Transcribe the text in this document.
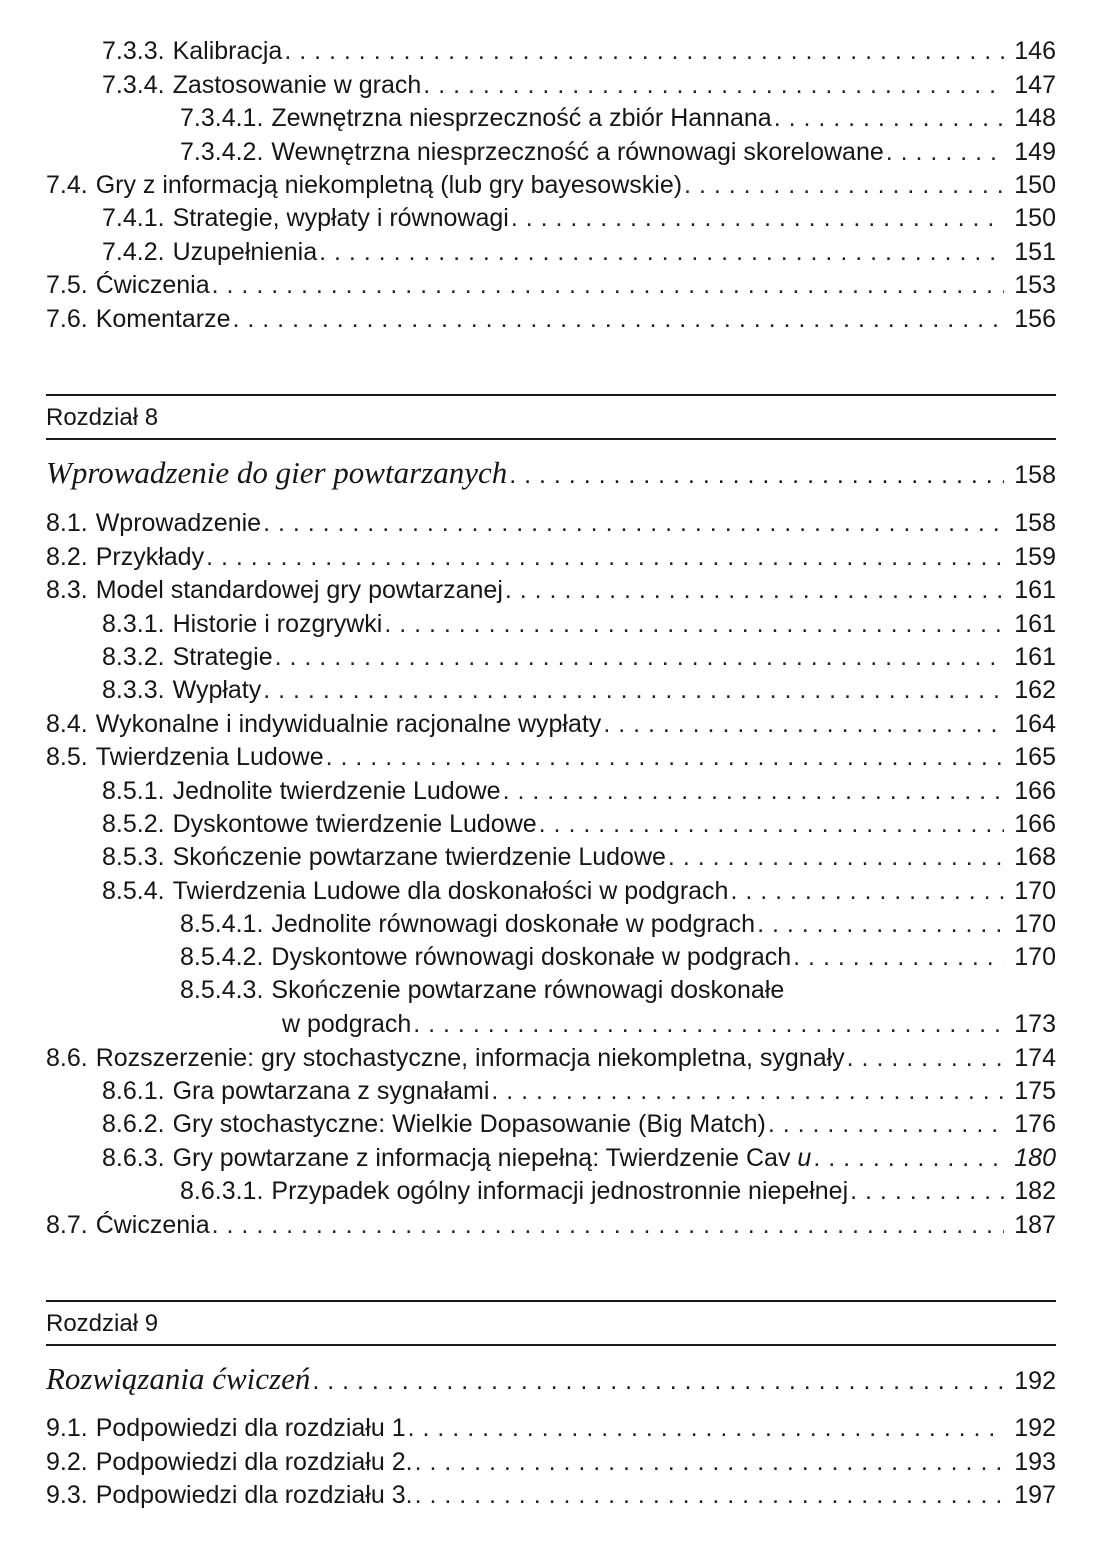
7.3.3. Kalibracja . . .	146
7.3.4. Zastosowanie w grach . . .	147
7.3.4.1. Zewnętrzna niesprzeczność a zbiór Hannana . . .	148
7.3.4.2. Wewnętrzna niesprzeczność a równowagi skorelowane . . .	149
7.4. Gry z informacją niekompletną (lub gry bayesowskie) . . .	150
7.4.1. Strategie, wypłaty i równowagi . . .	150
7.4.2. Uzupełnienia . . .	151
7.5. Ćwiczenia . . .	153
7.6. Komentarze . . .	156
Rozdział 8
Wprowadzenie do gier powtarzanych . . .	158
8.1. Wprowadzenie . . .	158
8.2. Przykłady . . .	159
8.3. Model standardowej gry powtarzanej . . .	161
8.3.1. Historie i rozgrywki . . .	161
8.3.2. Strategie . . .	161
8.3.3. Wypłaty . . .	162
8.4. Wykonalne i indywidualnie racjonalne wypłaty . . .	164
8.5. Twierdzenia Ludowe . . .	165
8.5.1. Jednolite twierdzenie Ludowe . . .	166
8.5.2. Dyskontowe twierdzenie Ludowe . . .	166
8.5.3. Skończenie powtarzane twierdzenie Ludowe . . .	168
8.5.4. Twierdzenia Ludowe dla doskonałości w podgrach . . .	170
8.5.4.1. Jednolite równowagi doskonałe w podgrach . . .	170
8.5.4.2. Dyskontowe równowagi doskonałe w podgrach . . .	170
8.5.4.3. Skończenie powtarzane równowagi doskonałe
w podgrach . . .	173
8.6. Rozszerzenie: gry stochastyczne, informacja niekompletna, sygnały . . .	174
8.6.1. Gra powtarzana z sygnałami . . .	175
8.6.2. Gry stochastyczne: Wielkie Dopasowanie (Big Match) . . .	176
8.6.3. Gry powtarzane z informacją niepełną: Twierdzenie Cav u . . .	180
8.6.3.1. Przypadek ogólny informacji jednostronnie niepełnej . . .	182
8.7. Ćwiczenia . . .	187
Rozdział 9
Rozwiązania ćwiczeń . . .	192
9.1. Podpowiedzi dla rozdziału 1 . . .	192
9.2. Podpowiedzi dla rozdziału 2. . . .	193
9.3. Podpowiedzi dla rozdziału 3. . . .	197
